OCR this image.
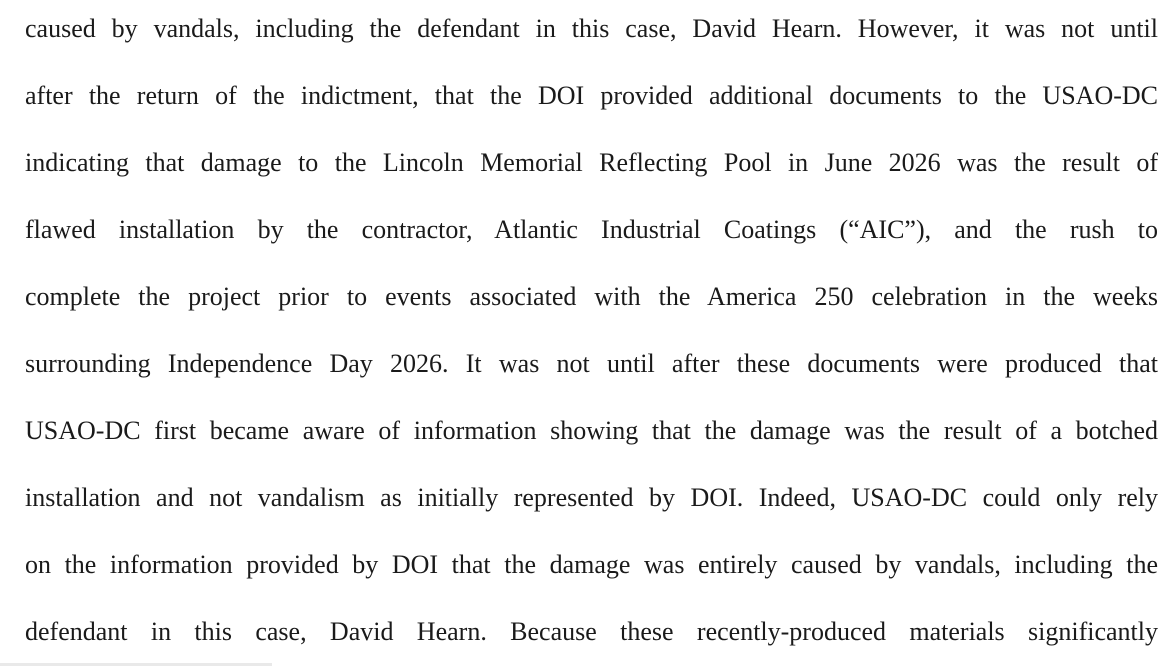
caused by vandals, including the defendant in this case, David Hearn. However, it was not until
after the return of the indictment, that the DOI provided additional documents to the USAO-DC
indicating that damage to the Lincoln Memorial Reflecting Pool in June 2026 was the result of
flawed installation by the contractor, Atlantic Industrial Coatings (“AIC”), and the rush to
complete the project prior to events associated with the America 250 celebration in the weeks
surrounding Independence Day 2026. It was not until after these documents were produced that
USAO-DC first became aware of information showing that the damage was the result of a botched
installation and not vandalism as initially represented by DOI. Indeed, USAO-DC could only rely
on the information provided by DOI that the damage was entirely caused by vandals, including the
defendant in this case, David Hearn. Because these recently-produced materials significantly
